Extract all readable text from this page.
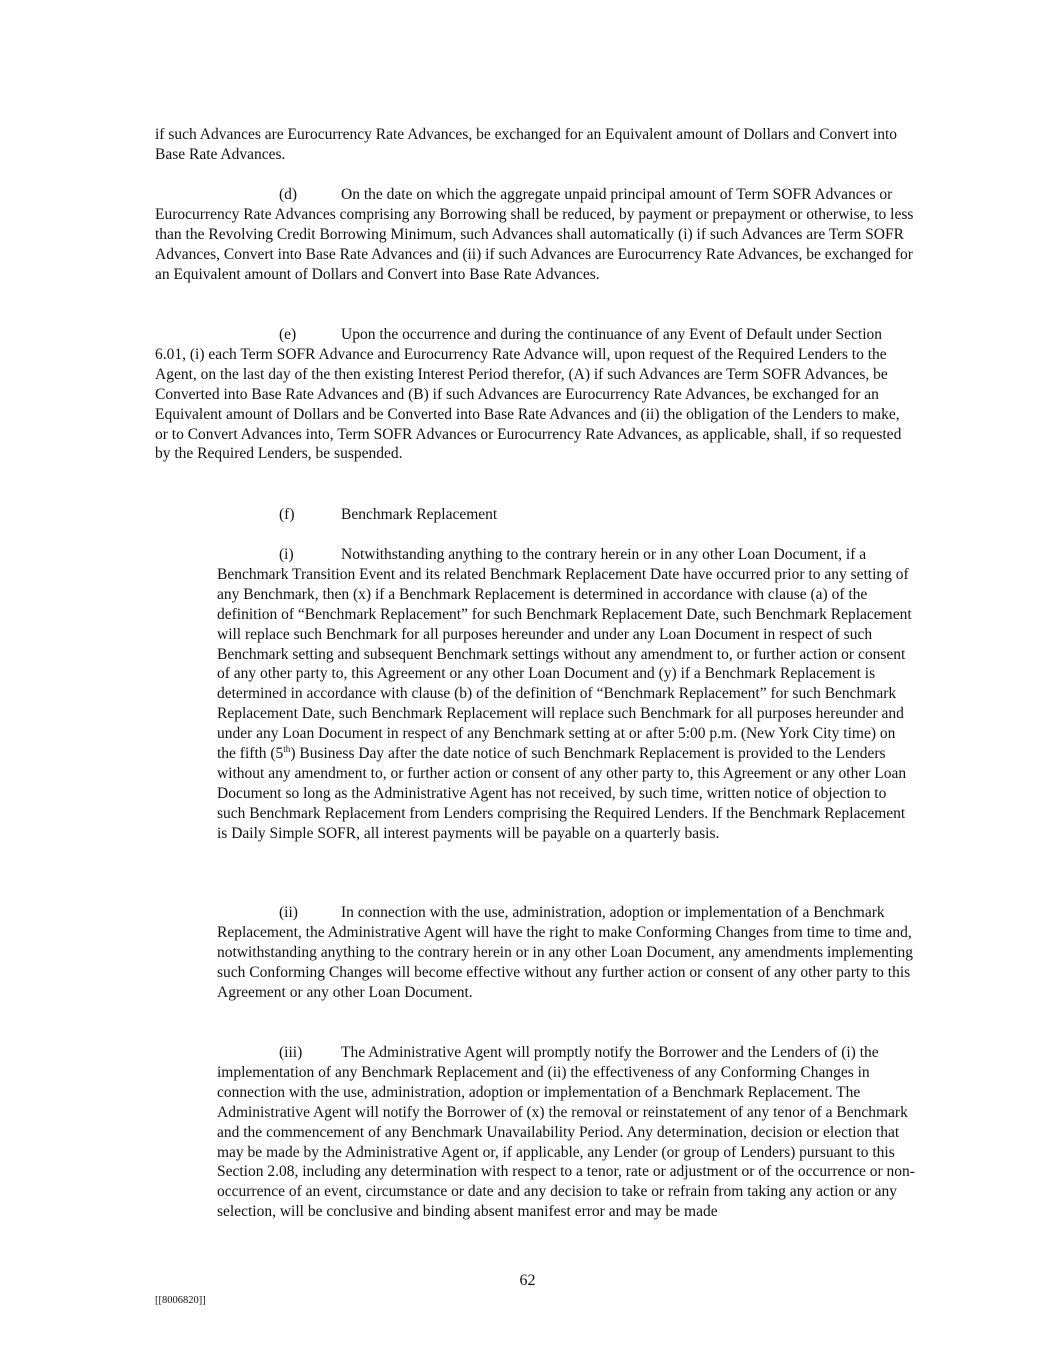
if such Advances are Eurocurrency Rate Advances, be exchanged for an Equivalent amount of Dollars and Convert into Base Rate Advances.

(d)	On the date on which the aggregate unpaid principal amount of Term SOFR Advances or Eurocurrency Rate Advances comprising any Borrowing shall be reduced, by payment or prepayment or otherwise, to less than the Revolving Credit Borrowing Minimum, such Advances shall automatically (i) if such Advances are Term SOFR Advances, Convert into Base Rate Advances and (ii) if such Advances are Eurocurrency Rate Advances, be exchanged for an Equivalent amount of Dollars and Convert into Base Rate Advances.

(e)	Upon the occurrence and during the continuance of any Event of Default under Section 6.01, (i) each Term SOFR Advance and Eurocurrency Rate Advance will, upon request of the Required Lenders to the Agent, on the last day of the then existing Interest Period therefor, (A) if such Advances are Term SOFR Advances, be Converted into Base Rate Advances and (B) if such Advances are Eurocurrency Rate Advances, be exchanged for an Equivalent amount of Dollars and be Converted into Base Rate Advances and (ii) the obligation of the Lenders to make, or to Convert Advances into, Term SOFR Advances or Eurocurrency Rate Advances, as applicable, shall, if so requested by the Required Lenders, be suspended.

(f)	Benchmark Replacement

(i)	Notwithstanding anything to the contrary herein or in any other Loan Document, if a Benchmark Transition Event and its related Benchmark Replacement Date have occurred prior to any setting of any Benchmark, then (x) if a Benchmark Replacement is determined in accordance with clause (a) of the definition of “Benchmark Replacement” for such Benchmark Replacement Date, such Benchmark Replacement will replace such Benchmark for all purposes hereunder and under any Loan Document in respect of such Benchmark setting and subsequent Benchmark settings without any amendment to, or further action or consent of any other party to, this Agreement or any other Loan Document and (y) if a Benchmark Replacement is determined in accordance with clause (b) of the definition of “Benchmark Replacement” for such Benchmark Replacement Date, such Benchmark Replacement will replace such Benchmark for all purposes hereunder and under any Loan Document in respect of any Benchmark setting at or after 5:00 p.m. (New York City time) on the fifth (5th) Business Day after the date notice of such Benchmark Replacement is provided to the Lenders without any amendment to, or further action or consent of any other party to, this Agreement or any other Loan Document so long as the Administrative Agent has not received, by such time, written notice of objection to such Benchmark Replacement from Lenders comprising the Required Lenders. If the Benchmark Replacement is Daily Simple SOFR, all interest payments will be payable on a quarterly basis.

(ii)	In connection with the use, administration, adoption or implementation of a Benchmark Replacement, the Administrative Agent will have the right to make Conforming Changes from time to time and, notwithstanding anything to the contrary herein or in any other Loan Document, any amendments implementing such Conforming Changes will become effective without any further action or consent of any other party to this Agreement or any other Loan Document.

(iii)	The Administrative Agent will promptly notify the Borrower and the Lenders of (i) the implementation of any Benchmark Replacement and (ii) the effectiveness of any Conforming Changes in connection with the use, administration, adoption or implementation of a Benchmark Replacement. The Administrative Agent will notify the Borrower of (x) the removal or reinstatement of any tenor of a Benchmark and the commencement of any Benchmark Unavailability Period. Any determination, decision or election that may be made by the Administrative Agent or, if applicable, any Lender (or group of Lenders) pursuant to this Section 2.08, including any determination with respect to a tenor, rate or adjustment or of the occurrence or non-occurrence of an event, circumstance or date and any decision to take or refrain from taking any action or any selection, will be conclusive and binding absent manifest error and may be made

62
[[8006820]]
